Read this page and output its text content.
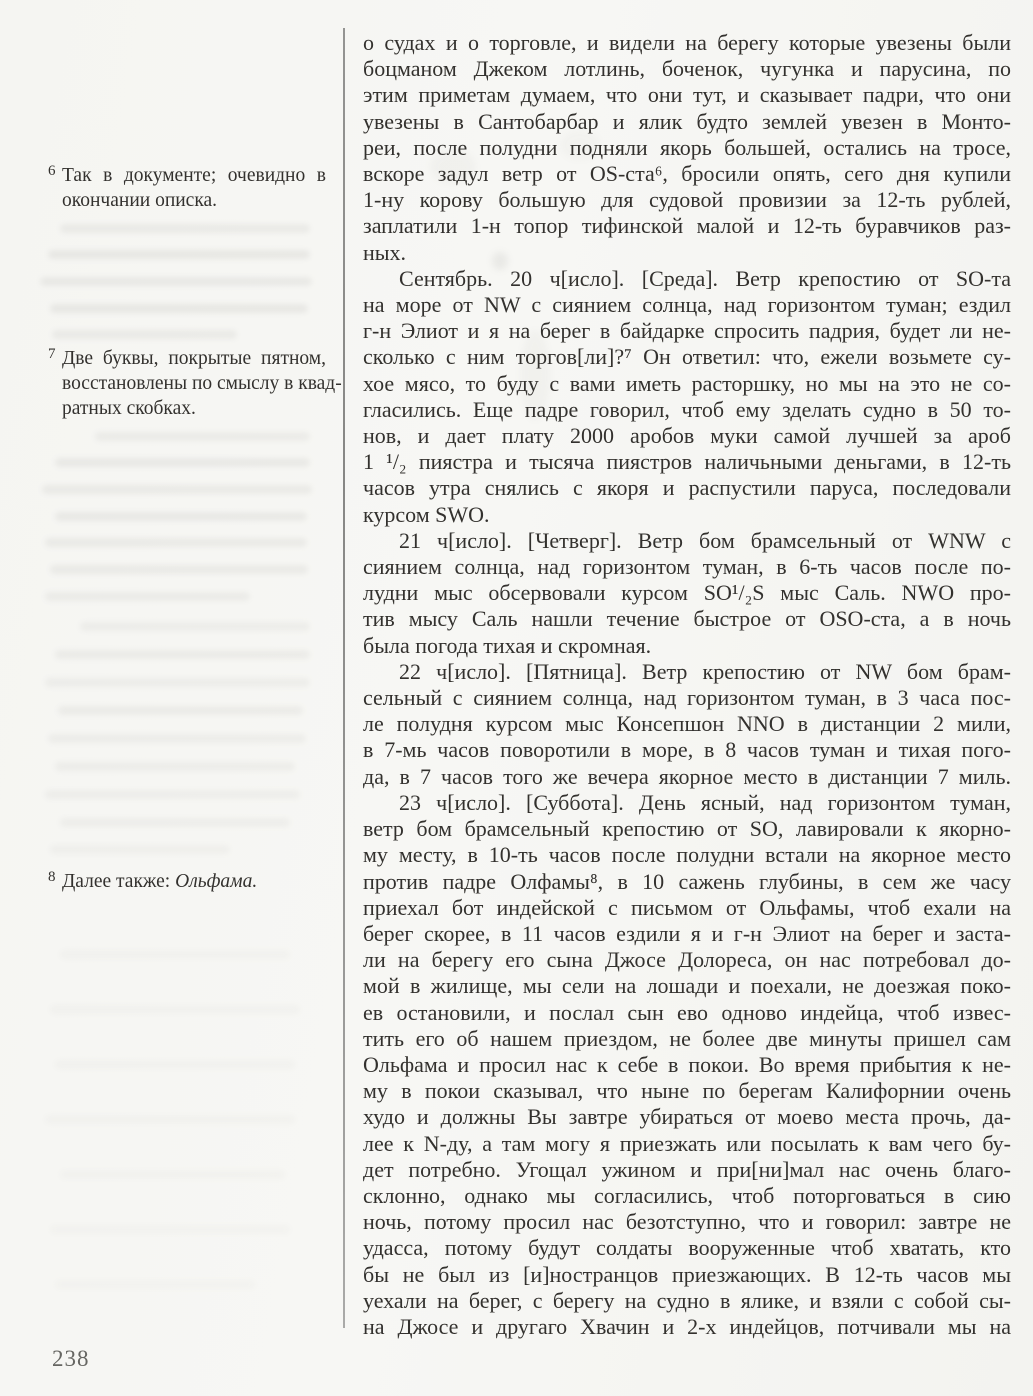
6 Так в документе; очевидно в
окончании описка.
7 Две буквы, покрытые пятном,
восстановлены по смыслу в квад-
ратных скобках.
8 Далее также: Ольфама.
о судах и о торговле, и видели на берегу которые увезены были
боцманом Джеком лотлинь, боченок, чугунка и парусина, по
этим приметам думаем, что они тут, и сказывает падри, что они
увезены в Сантобарбар и ялик будто землей увезен в Монто-
реи, после полудни подняли якорь большей, остались на тросе,
вскоре задул ветр от OS-ста⁶, бросили опять, сего дня купили
1-ну корову большую для судовой провизии за 12-ть рублей,
заплатили 1-н топор тифинской малой и 12-ть буравчиков раз-
ных.
Сентябрь. 20 ч[исло]. [Среда]. Ветр крепостию от SO-та
на море от NW с сиянием солнца, над горизонтом туман; ездил
г-н Элиот и я на берег в байдарке спросить падрия, будет ли не-
сколько с ним торгов[ли]?⁷ Он ответил: что, ежели возьмете су-
хое мясо, то буду с вами иметь расторшку, но мы на это не со-
гласились. Еще падре говорил, чтоб ему зделать судно в 50 то-
нов, и дает плату 2000 аробов муки самой лучшей за ароб
1 ¹/₂ пиястра и тысяча пиястров наличьными деньгами, в 12-ть
часов утра снялись с якоря и распустили паруса, последовали
курсом SWO.
21 ч[исло]. [Четверг]. Ветр бом брамсельный от WNW с
сиянием солнца, над горизонтом туман, в 6-ть часов после по-
лудни мыс обсервовали курсом SO¹/₂S мыс Саль. NWO про-
тив мысу Саль нашли течение быстрое от OSO-ста, а в ночь
была погода тихая и скромная.
22 ч[исло]. [Пятница]. Ветр крепостию от NW бом брам-
сельный с сиянием солнца, над горизонтом туман, в 3 часа пос-
ле полудня курсом мыс Консепшон NNO в дистанции 2 мили,
в 7-мь часов поворотили в море, в 8 часов туман и тихая пого-
да, в 7 часов того же вечера якорное место в дистанции 7 миль.
23 ч[исло]. [Суббота]. День ясный, над горизонтом туман,
ветр бом брамсельный крепостию от SO, лавировали к якорно-
му месту, в 10-ть часов после полудни встали на якорное место
против падре Олфамы⁸, в 10 сажень глубины, в сем же часу
приехал бот индейской с письмом от Ольфамы, чтоб ехали на
берег скорее, в 11 часов ездили я и г-н Элиот на берег и заста-
ли на берегу его сына Джосе Долореса, он нас потребовал до-
мой в жилище, мы сели на лошади и поехали, не доезжая поко-
ев остановили, и послал сын ево одново индейца, чтоб извес-
тить его об нашем приездом, не более две минуты пришел сам
Ольфама и просил нас к себе в покои. Во время прибытия к не-
му в покои сказывал, что ныне по берегам Калифорнии очень
худо и должны Вы завтре убираться от моево места прочь, да-
лее к N-ду, а там могу я приезжать или посылать к вам чего бу-
дет потребно. Угощал ужином и при[ни]мал нас очень благо-
склонно, однако мы согласились, чтоб поторговаться в сию
ночь, потому просил нас безотступно, что и говорил: завтре не
удасса, потому будут солдаты вооруженные чтоб хватать, кто
бы не был из [и]ностранцов приезжающих. В 12-ть часов мы
уехали на берег, с берегу на судно в ялике, и взяли с собой сы-
на Джосе и другаго Хвачин и 2-х индейцов, потчивали мы на
238
